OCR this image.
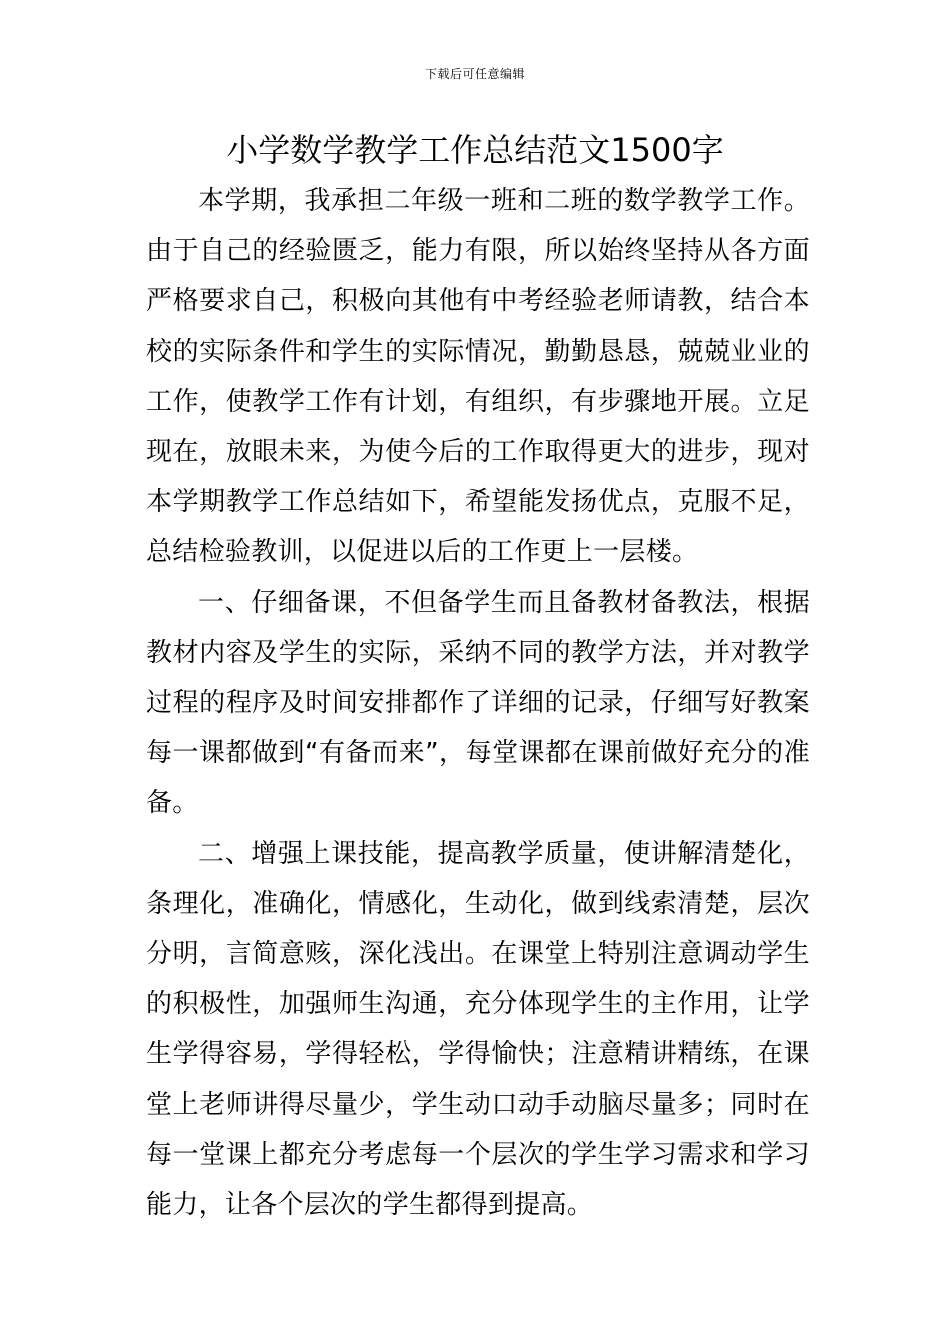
下载后可任意编辑
小学数学教学工作总结范文1500字

本学期，我承担二年级一班和二班的数学教学工作。由于自己的经验匮乏，能力有限，所以始终坚持从各方面严格要求自己，积极向其他有中考经验老师请教，结合本校的实际条件和学生的实际情况，勤勤恳恳，兢兢业业的工作，使教学工作有计划，有组织，有步骤地开展。立足现在，放眼未来，为使今后的工作取得更大的进步，现对本学期教学工作总结如下，希望能发扬优点，克服不足，总结检验教训，以促进以后的工作更上一层楼。

一、仔细备课，不但备学生而且备教材备教法，根据教材内容及学生的实际，采纳不同的教学方法，并对教学过程的程序及时间安排都作了详细的记录，仔细写好教案每一课都做到“有备而来”，每堂课都在课前做好充分的准备。

二、增强上课技能，提高教学质量，使讲解清楚化，条理化，准确化，情感化，生动化，做到线索清楚，层次分明，言简意赅，深化浅出。在课堂上特别注意调动学生的积极性，加强师生沟通，充分体现学生的主作用，让学生学得容易，学得轻松，学得愉快；注意精讲精练，在课堂上老师讲得尽量少，学生动口动手动脑尽量多；同时在每一堂课上都充分考虑每一个层次的学生学习需求和学习能力，让各个层次的学生都得到提高。
